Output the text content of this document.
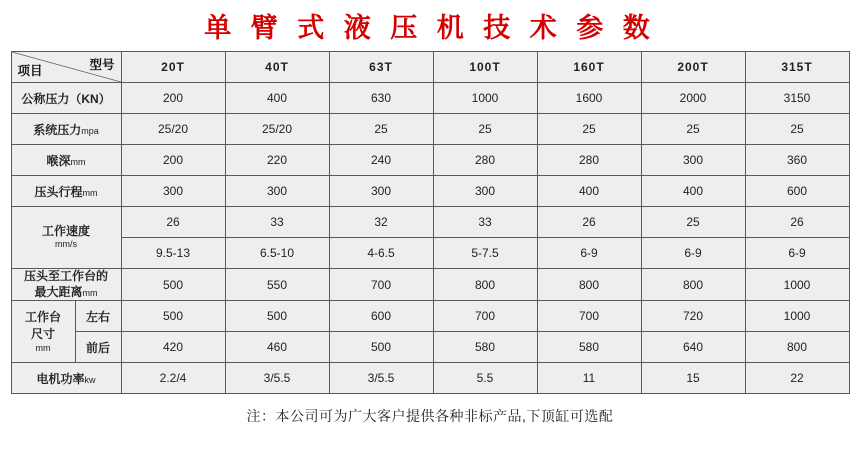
单 臂 式 液 压 机 技 术 参 数
项目 型号		20T	40T	63T	100T	160T	200T	315T
公称压力（KN）		200	400	630	1000	1600	2000	3150
系统压力mpa		25/20	25/20	25	25	25	25	25
喉深mm		200	220	240	280	280	300	360
压头行程mm		300	300	300	300	400	400	600

工作速度
mm/s		26	33	32	33	26	25	26
		9.5-13	6.5-10	4-6.5	5-7.5	6-9	6-9	6-9

压头至工作台的
最大距离mm		500	550	700	800	800	800	1000

工作台
尺寸
mm	左右	500	500	600	700	700	720	1000
	前后	420	460	500	580	580	640	800
电机功率kw		2.2/4	3/5.5	3/5.5	5.5	11	15	22
注：本公司可为广大客户提供各种非标产品,下顶缸可选配
